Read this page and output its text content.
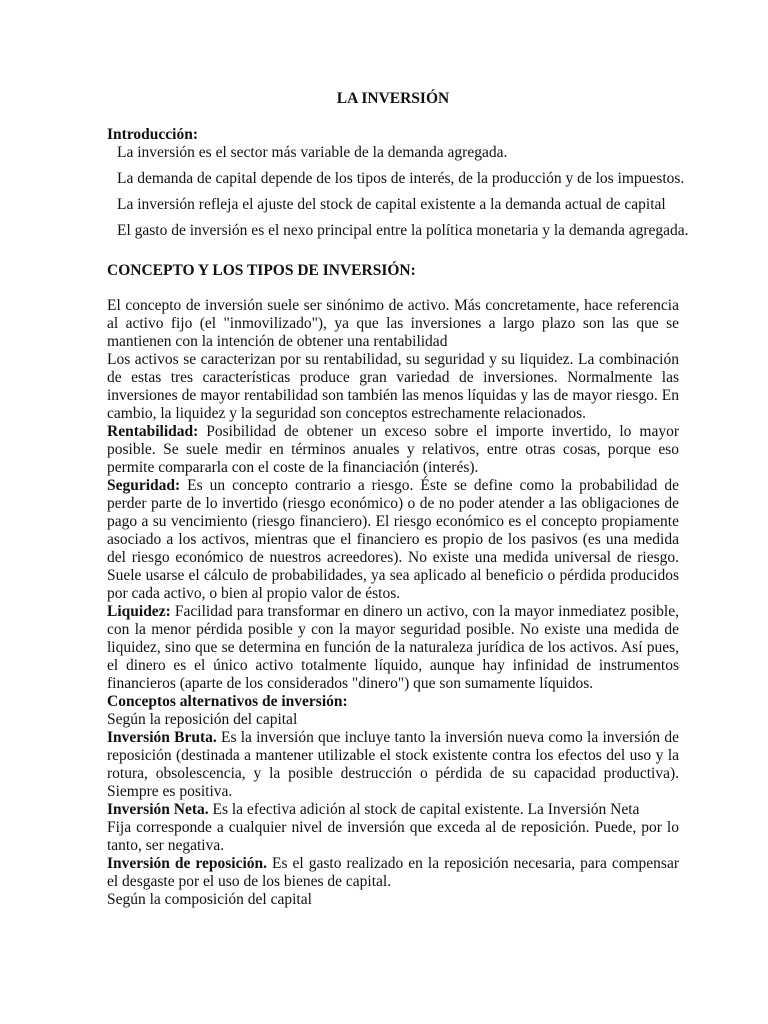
LA INVERSIÓN
Introducción:
La inversión es el sector más variable de la demanda agregada.
La demanda de capital depende de los tipos de interés, de la producción y de los impuestos.
La inversión refleja el ajuste del stock de capital existente a la demanda actual de capital
El gasto de inversión es el nexo principal entre la política monetaria y la demanda agregada.
CONCEPTO Y LOS TIPOS DE INVERSIÓN:

El concepto de inversión suele ser sinónimo de activo. Más concretamente, hace referencia al activo fijo (el "inmovilizado"), ya que las inversiones a largo plazo son las que se mantienen con la intención de obtener una rentabilidad

Los activos se caracterizan por su rentabilidad, su seguridad y su liquidez. La combinación de estas tres características produce gran variedad de inversiones. Normalmente las inversiones de mayor rentabilidad son también las menos líquidas y las de mayor riesgo. En cambio, la liquidez y la seguridad son conceptos estrechamente relacionados.

Rentabilidad: Posibilidad de obtener un exceso sobre el importe invertido, lo mayor posible. Se suele medir en términos anuales y relativos, entre otras cosas, porque eso permite compararla con el coste de la financiación (interés).

Seguridad: Es un concepto contrario a riesgo. Éste se define como la probabilidad de perder parte de lo invertido (riesgo económico) o de no poder atender a las obligaciones de pago a su vencimiento (riesgo financiero). El riesgo económico es el concepto propiamente asociado a los activos, mientras que el financiero es propio de los pasivos (es una medida del riesgo económico de nuestros acreedores). No existe una medida universal de riesgo. Suele usarse el cálculo de probabilidades, ya sea aplicado al beneficio o pérdida producidos por cada activo, o bien al propio valor de éstos.

Liquidez: Facilidad para transformar en dinero un activo, con la mayor inmediatez posible, con la menor pérdida posible y con la mayor seguridad posible. No existe una medida de liquidez, sino que se determina en función de la naturaleza jurídica de los activos. Así pues, el dinero es el único activo totalmente líquido, aunque hay infinidad de instrumentos financieros (aparte de los considerados "dinero") que son sumamente líquidos.

Conceptos alternativos de inversión:

Según la reposición del capital

Inversión Bruta. Es la inversión que incluye tanto la inversión nueva como la inversión de reposición (destinada a mantener utilizable el stock existente contra los efectos del uso y la rotura, obsolescencia, y la posible destrucción o pérdida de su capacidad productiva). Siempre es positiva.

Inversión Neta. Es la efectiva adición al stock de capital existente. La Inversión Neta

Fija corresponde a cualquier nivel de inversión que exceda al de reposición. Puede, por lo tanto, ser negativa.

Inversión de reposición. Es el gasto realizado en la reposición necesaria, para compensar el desgaste por el uso de los bienes de capital.

Según la composición del capital
